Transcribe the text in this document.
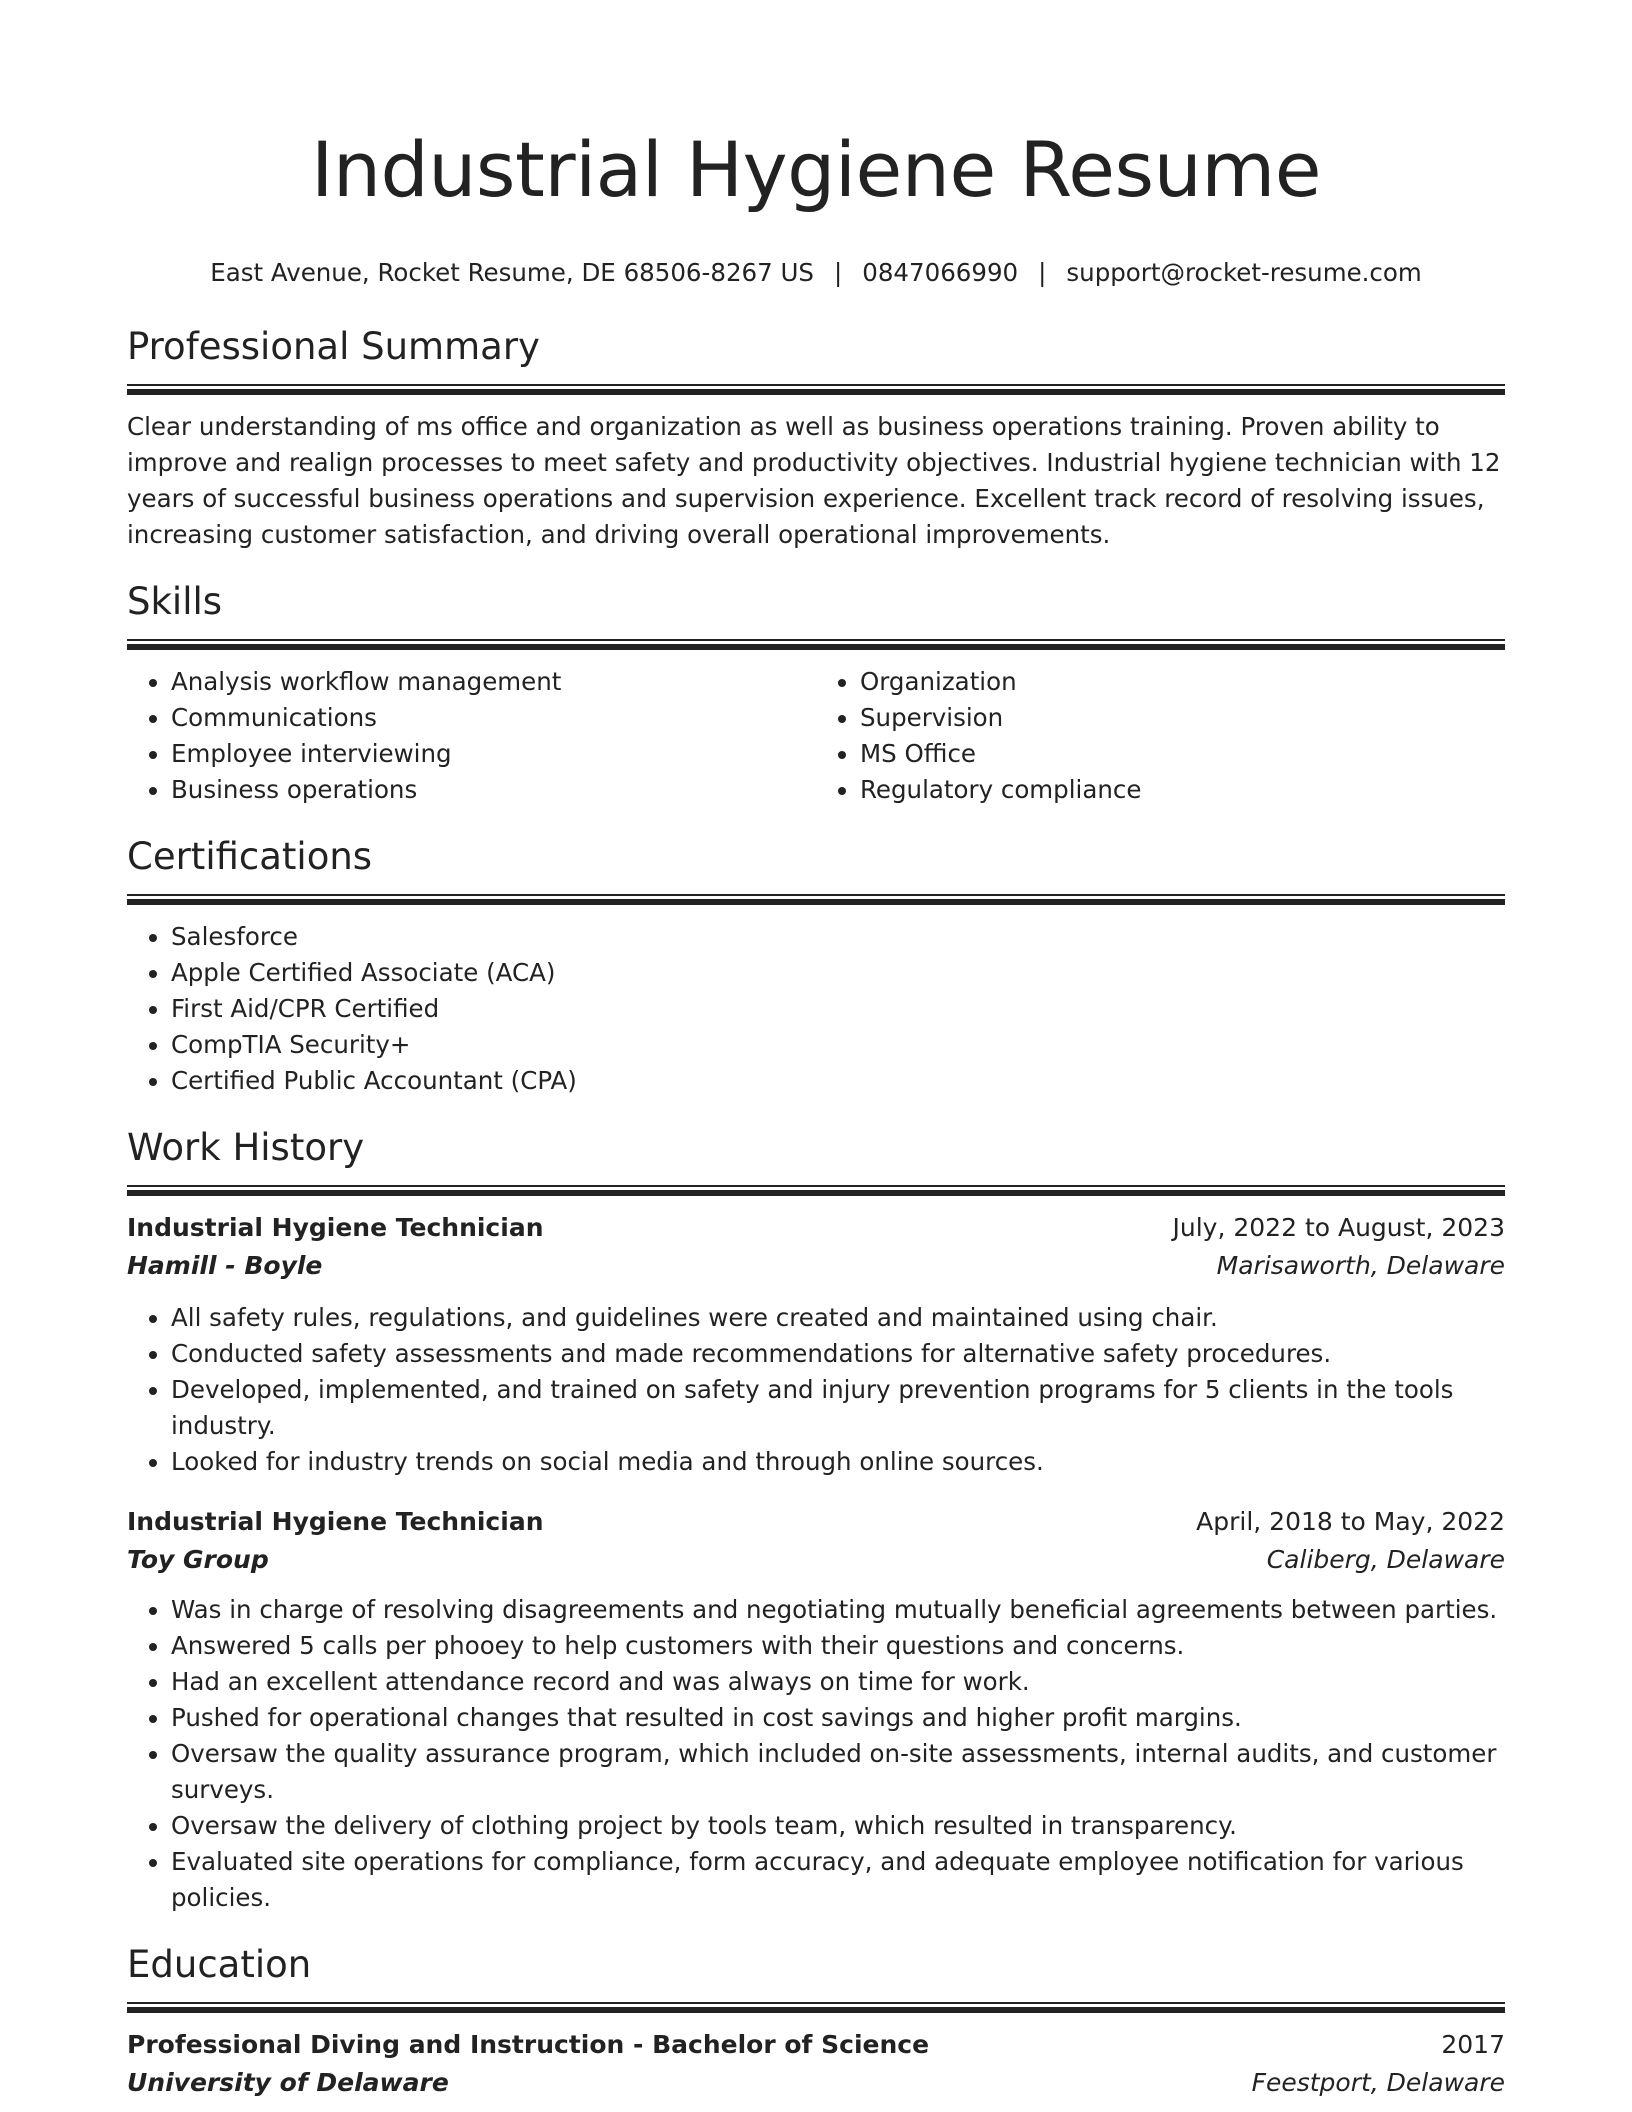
Industrial Hygiene Resume
East Avenue, Rocket Resume, DE 68506-8267 US | 0847066990 | support@rocket-resume.com
Professional Summary
Clear understanding of ms office and organization as well as business operations training. Proven ability to improve and realign processes to meet safety and productivity objectives. Industrial hygiene technician with 12 years of successful business operations and supervision experience. Excellent track record of resolving issues, increasing customer satisfaction, and driving overall operational improvements.
Skills
• Analysis workflow management
• Communications
• Employee interviewing
• Business operations
• Organization
• Supervision
• MS Office
• Regulatory compliance
Certifications
• Salesforce
• Apple Certified Associate (ACA)
• First Aid/CPR Certified
• CompTIA Security+
• Certified Public Accountant (CPA)
Work History
Industrial Hygiene Technician	July, 2022 to August, 2023
Hamill - Boyle	Marisaworth, Delaware
• All safety rules, regulations, and guidelines were created and maintained using chair.
• Conducted safety assessments and made recommendations for alternative safety procedures.
• Developed, implemented, and trained on safety and injury prevention programs for 5 clients in the tools industry.
• Looked for industry trends on social media and through online sources.
Industrial Hygiene Technician	April, 2018 to May, 2022
Toy Group	Caliberg, Delaware
• Was in charge of resolving disagreements and negotiating mutually beneficial agreements between parties.
• Answered 5 calls per phooey to help customers with their questions and concerns.
• Had an excellent attendance record and was always on time for work.
• Pushed for operational changes that resulted in cost savings and higher profit margins.
• Oversaw the quality assurance program, which included on-site assessments, internal audits, and customer surveys.
• Oversaw the delivery of clothing project by tools team, which resulted in transparency.
• Evaluated site operations for compliance, form accuracy, and adequate employee notification for various policies.
Education
Professional Diving and Instruction - Bachelor of Science	2017
University of Delaware	Feestport, Delaware
